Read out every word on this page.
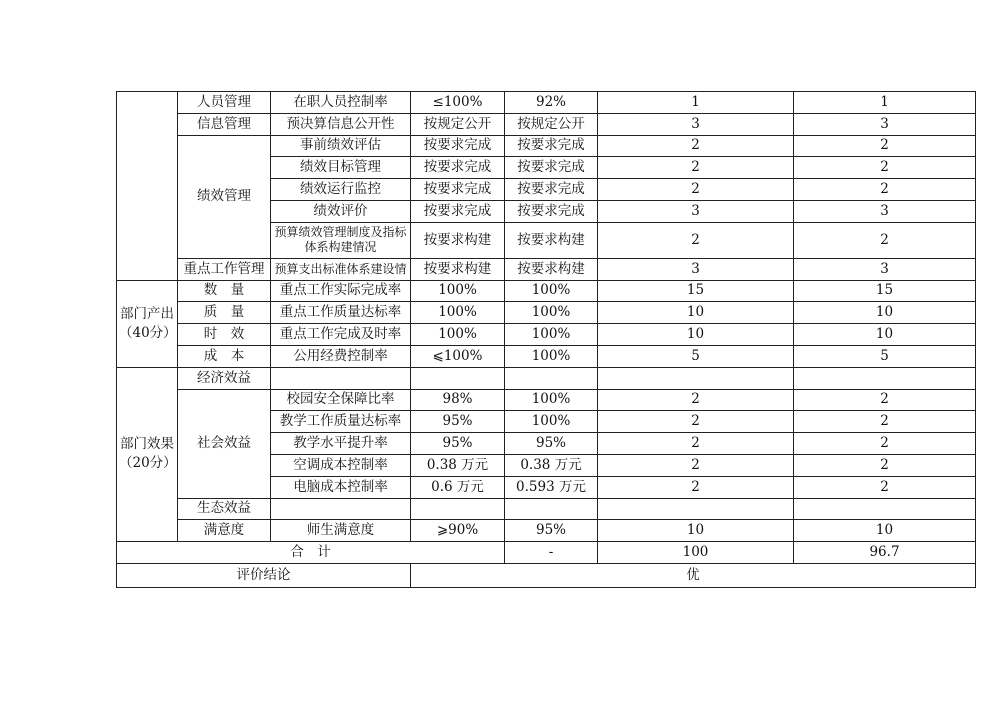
	人员管理	在职人员控制率	≤100%	92%	1	1
	信息管理	预决算信息公开性	按规定公开	按规定公开	3	3
	绩效管理	事前绩效评估	按要求完成	按要求完成	2	2
		绩效目标管理	按要求完成	按要求完成	2	2
		绩效运行监控	按要求完成	按要求完成	2	2
		绩效评价	按要求完成	按要求完成	3	3
		预算绩效管理制度及指标体系构建情况	按要求构建	按要求构建	2	2
	重点工作管理	预算支出标准体系建设情	按要求构建	按要求构建	3	3
部门产出（40分）	数　量	重点工作实际完成率	100%	100%	15	15
	质　量	重点工作质量达标率	100%	100%	10	10
	时　效	重点工作完成及时率	100%	100%	10	10
	成　本	公用经费控制率	⩽100%	100%	5	5
部门效果（20分）	经济效益					
	社会效益	校园安全保障比率	98%	100%	2	2
		教学工作质量达标率	95%	100%	2	2
		教学水平提升率	95%	95%	2	2
		空调成本控制率	0.38 万元	0.38 万元	2	2
		电脑成本控制率	0.6 万元	0.593 万元	2	2
	生态效益					
	满意度	师生满意度	⩾90%	95%	10	10
合　计				-	100	96.7
评价结论			优			
